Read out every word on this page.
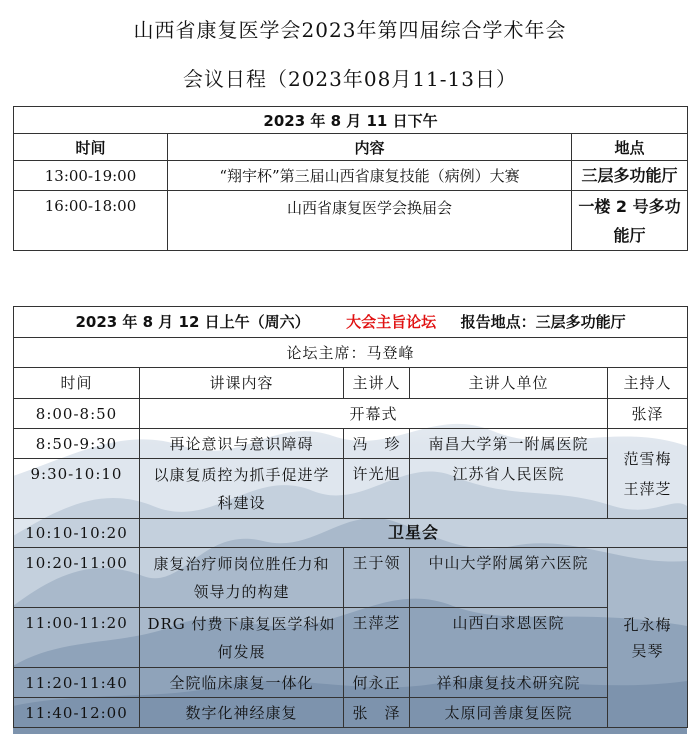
山西省康复医学会2023年第四届综合学术年会
会议日程（2023年08月11-13日）
2023 年 8 月 11 日下午		
时间	内容	地点
13:00-19:00	“翔宇杯”第三届山西省康复技能（病例）大赛	三层多功能厅
16:00-18:00	山西省康复医学会换届会	一楼 2 号多功能厅
2023 年 8 月 12 日上午（周六） 大会主旨论坛 报告地点：三层多功能厅				
论坛主席：马登峰				
时间	讲课内容	主讲人	主讲人单位	主持人
8:00-8:50	开幕式			张泽
8:50-9:30	再论意识与意识障碍	冯　珍	南昌大学第一附属医院	范雪梅 王萍芝
9:30-10:10	以康复质控为抓手促进学科建设	许光旭	江苏省人民医院	
10:10-10:20	卫星会			
10:20-11:00	康复治疗师岗位胜任力和领导力的构建	王于领	中山大学附属第六医院	孔永梅 吴琴
11:00-11:20	DRG 付费下康复医学科如何发展	王萍芝	山西白求恩医院	
11:20-11:40	全院临床康复一体化	何永正	祥和康复技术研究院	
11:40-12:00	数字化神经康复	张　泽	太原同善康复医院	
